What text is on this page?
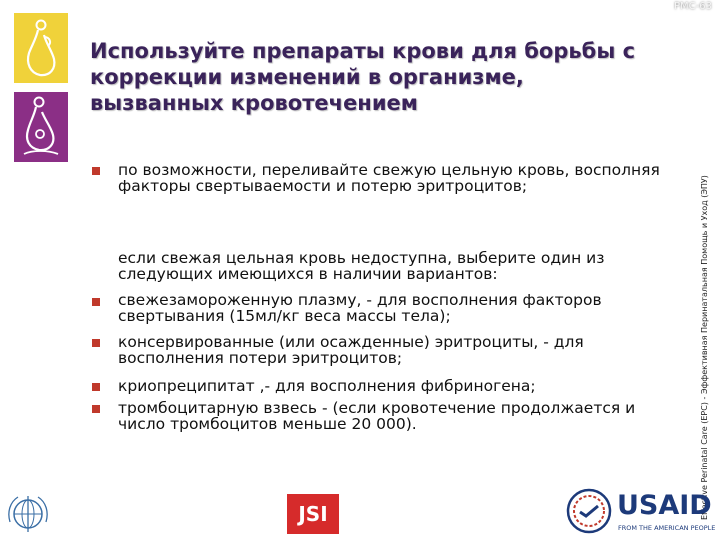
PMC-63
Используйте препараты крови для борьбы с коррекции изменений в организме, вызванных кровотечением
Effective Perinatal Care (EPC) - Эффективная Перинатальная Помощь и Уход (ЭПУ)
по возможности, переливайте свежую цельную кровь, восполняя факторы свертываемости и потерю эритроцитов;
если свежая цельная кровь недоступна, выберите один из следующих имеющихся в наличии вариантов:
свежезамороженную плазму, - для восполнения факторов свертывания (15мл/кг веса массы тела);
консервированные (или осажденные) эритроциты, - для восполнения потери эритроцитов;
криопреципитат ,- для восполнения фибриногена;
тромбоцитарную взвесь - (если кровотечение продолжается и число тромбоцитов меньше 20 000).
JSI	USAID
FROM THE AMERICAN PEOPLE
